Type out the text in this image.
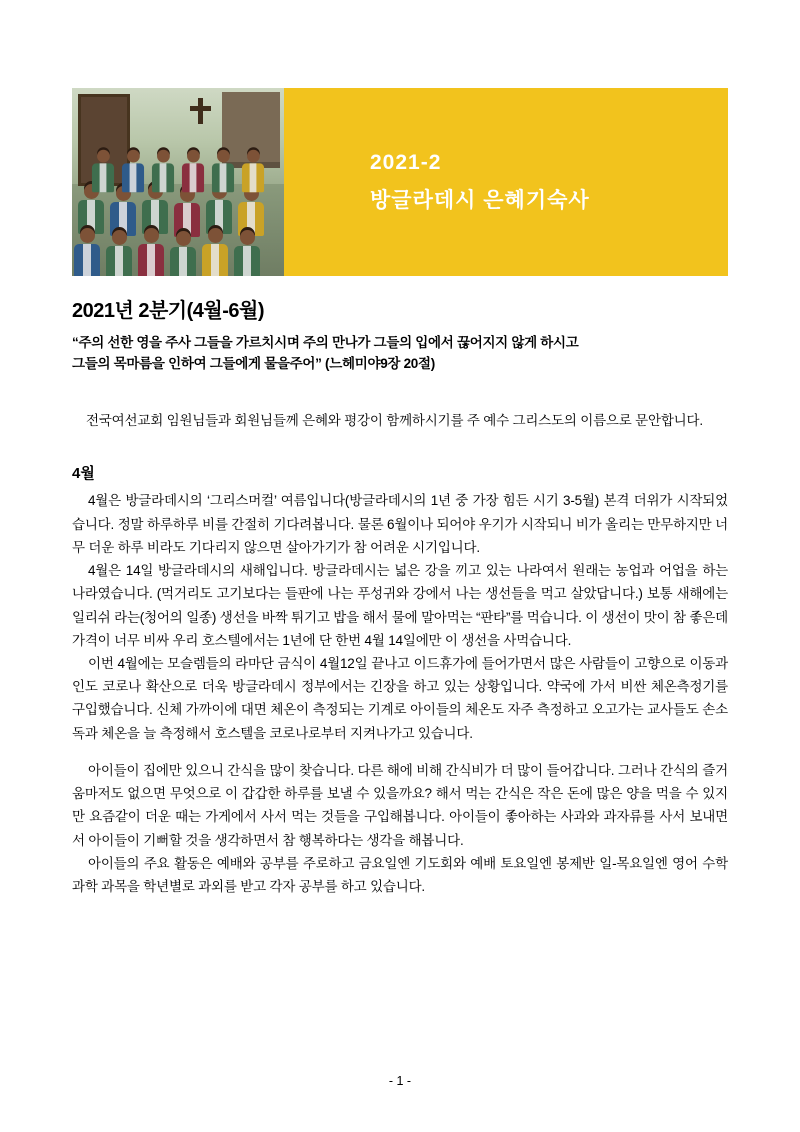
2021-2
방글라데시 은혜기숙사
2021년 2분기(4월-6월)
“주의 선한 영을 주사 그들을 가르치시며 주의 만나가 그들의 입에서 끊어지지 않게 하시고
그들의 목마름을 인하여 그들에게 물을주어” (느헤미야9장 20절)
전국여선교회 임원님들과 회원님들께 은혜와 평강이 함께하시기를 주 예수 그리스도의 이름으로 문안합니다.
4월

4월은 방글라데시의 ‘그리스머컬’ 여름입니다(방글라데시의 1년 중 가장 힘든 시기 3-5월) 본격 더위가 시작되었습니다. 정말 하루하루 비를 간절히 기다려봅니다. 물론 6월이나 되어야 우기가 시작되니 비가 올리는 만무하지만 너무 더운 하루 비라도 기다리지 않으면 살아가기가 참 어려운 시기입니다.

4월은 14일 방글라데시의 새해입니다. 방글라데시는 넓은 강을 끼고 있는 나라여서 원래는 농업과 어업을 하는 나라였습니다. (먹거리도 고기보다는 들판에 나는 푸성귀와 강에서 나는 생선들을 먹고 살았답니다.) 보통 새해에는 일리쉬 라는(청어의 일종) 생선을 바짝 튀기고 밥을 해서 물에 말아먹는 “판타”를 먹습니다. 이 생선이 맛이 참 좋은데 가격이 너무 비싸 우리 호스텔에서는 1년에 단 한번 4월 14일에만 이 생선을 사먹습니다.

이번 4월에는 모슬렘들의 라마단 금식이 4월12일 끝나고 이드휴가에 들어가면서 많은 사람들이 고향으로 이동과 인도 코로나 확산으로 더욱 방글라데시 정부에서는 긴장을 하고 있는 상황입니다. 약국에 가서 비싼 체온측정기를 구입했습니다. 신체 가까이에 대면 체온이 측정되는 기계로 아이들의 체온도 자주 측정하고 오고가는 교사들도 손소독과 체온을 늘 측정해서 호스텔을 코로나로부터 지켜나가고 있습니다.

아이들이 집에만 있으니 간식을 많이 찾습니다. 다른 해에 비해 간식비가 더 많이 들어갑니다. 그러나 간식의 즐거움마저도 없으면 무엇으로 이 갑갑한 하루를 보낼 수 있을까요? 해서 먹는 간식은 작은 돈에 많은 양을 먹을 수 있지만 요즘같이 더운 때는 가게에서 사서 먹는 것들을 구입해봅니다. 아이들이 좋아하는 사과와 과자류를 사서 보내면서 아이들이 기뻐할 것을 생각하면서 참 행복하다는 생각을 해봅니다.

아이들의 주요 활동은 예배와 공부를 주로하고 금요일엔 기도회와 예배 토요일엔 봉제반 일-목요일엔 영어 수학 과학 과목을 학년별로 과외를 받고 각자 공부를 하고 있습니다.

- 1 -
